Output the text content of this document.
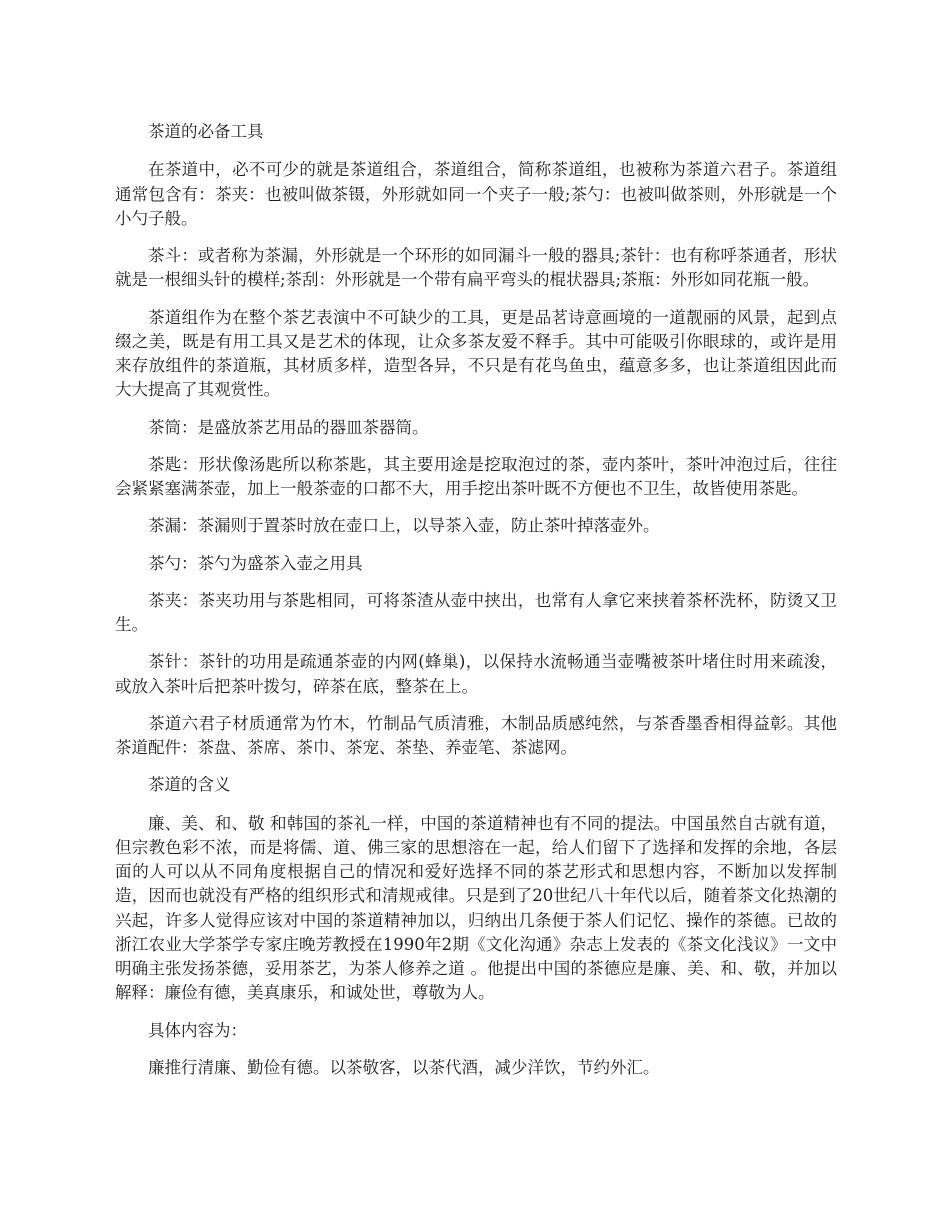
茶道的必备工具

在茶道中，必不可少的就是茶道组合，茶道组合，简称茶道组，也被称为茶道六君子。茶道组通常包含有：茶夹：也被叫做茶镊，外形就如同一个夹子一般;茶勺：也被叫做茶则，外形就是一个小勺子般。

茶斗：或者称为茶漏，外形就是一个环形的如同漏斗一般的器具;茶针：也有称呼茶通者，形状就是一根细头针的模样;茶刮：外形就是一个带有扁平弯头的棍状器具;茶瓶：外形如同花瓶一般。

茶道组作为在整个茶艺表演中不可缺少的工具，更是品茗诗意画境的一道靓丽的风景，起到点缀之美，既是有用工具又是艺术的体现，让众多茶友爱不释手。其中可能吸引你眼球的，或许是用来存放组件的茶道瓶，其材质多样，造型各异，不只是有花鸟鱼虫，蕴意多多，也让茶道组因此而大大提高了其观赏性。

茶筒：是盛放茶艺用品的器皿茶器筒。

茶匙：形状像汤匙所以称茶匙，其主要用途是挖取泡过的茶，壶内茶叶，茶叶冲泡过后，往往会紧紧塞满茶壶，加上一般茶壶的口都不大，用手挖出茶叶既不方便也不卫生，故皆使用茶匙。

茶漏：茶漏则于置茶时放在壶口上，以导茶入壶，防止茶叶掉落壶外。

茶勺：茶勺为盛茶入壶之用具

茶夹：茶夹功用与茶匙相同，可将茶渣从壶中挟出，也常有人拿它来挟着茶杯洗杯，防烫又卫生。

茶针：茶针的功用是疏通茶壶的内网(蜂巢)，以保持水流畅通当壶嘴被茶叶堵住时用来疏浚，或放入茶叶后把茶叶拨匀，碎茶在底，整茶在上。

茶道六君子材质通常为竹木，竹制品气质清雅，木制品质感纯然，与茶香墨香相得益彰。其他茶道配件：茶盘、茶席、茶巾、茶宠、茶垫、养壶笔、茶滤网。

茶道的含义

廉、美、和、敬 和韩国的茶礼一样，中国的茶道精神也有不同的提法。中国虽然自古就有道，但宗教色彩不浓，而是将儒、道、佛三家的思想溶在一起，给人们留下了选择和发挥的余地，各层面的人可以从不同角度根据自己的情况和爱好选择不同的茶艺形式和思想内容，不断加以发挥制造，因而也就没有严格的组织形式和清规戒律。只是到了20世纪八十年代以后，随着茶文化热潮的兴起，许多人觉得应该对中国的茶道精神加以，归纳出几条便于茶人们记忆、操作的茶德。已故的浙江农业大学茶学专家庄晚芳教授在1990年2期《文化沟通》杂志上发表的《茶文化浅议》一文中明确主张发扬茶德，妥用茶艺，为茶人修养之道 。他提出中国的茶德应是廉、美、和、敬，并加以解释：廉俭有德，美真康乐，和诚处世，尊敬为人。

具体内容为：

廉推行清廉、勤俭有德。以茶敬客，以茶代酒，减少洋饮，节约外汇。
